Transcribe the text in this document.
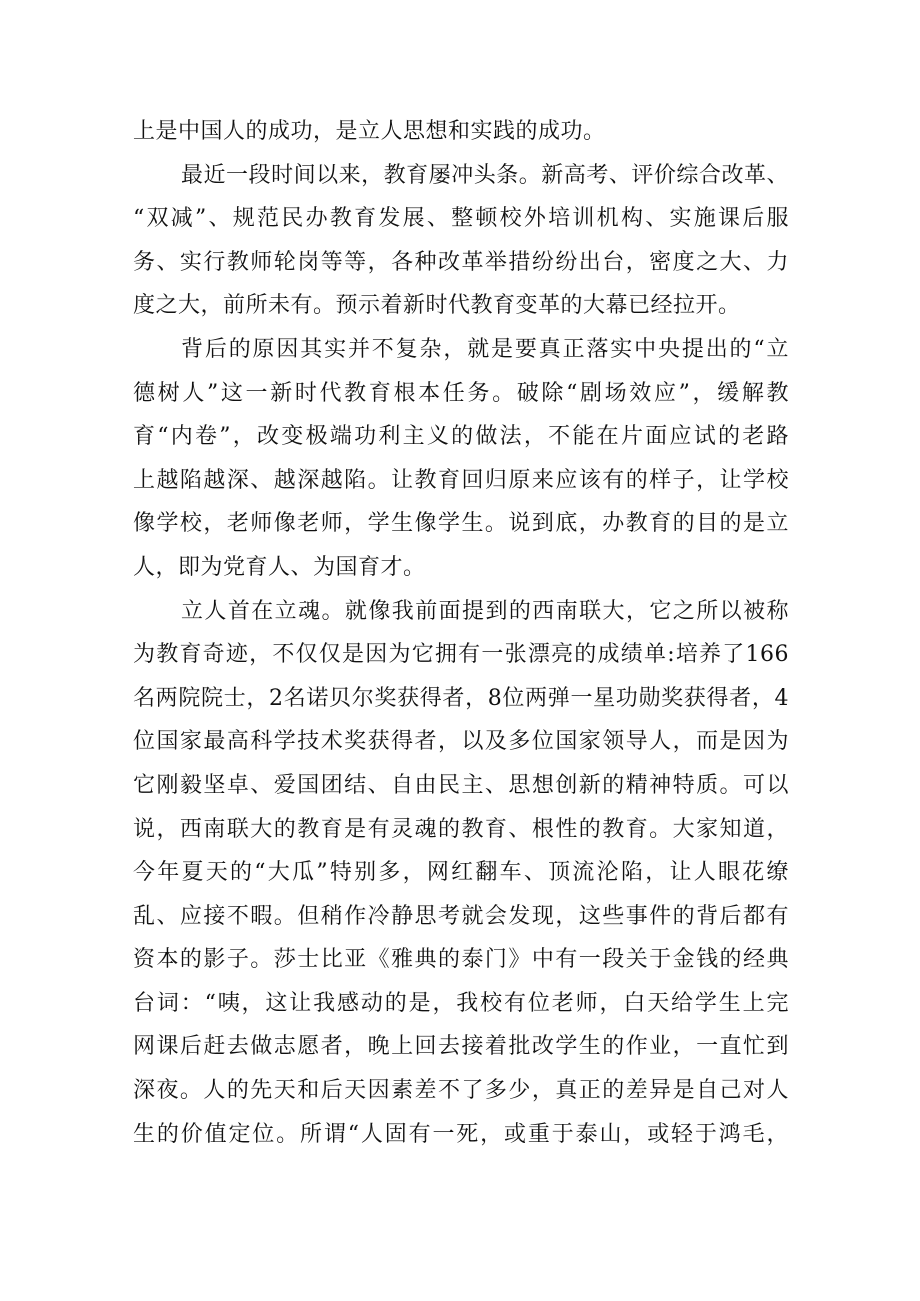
上是中国人的成功，是立人思想和实践的成功。
最近一段时间以来，教育屡冲头条。新高考、评价综合改革、
“双减”、规范民办教育发展、整顿校外培训机构、实施课后服
务、实行教师轮岗等等，各种改革举措纷纷出台，密度之大、力
度之大，前所未有。预示着新时代教育变革的大幕已经拉开。
背后的原因其实并不复杂，就是要真正落实中央提出的“立
德树人”这一新时代教育根本任务。破除“剧场效应”，缓解教
育“内卷”，改变极端功利主义的做法，不能在片面应试的老路
上越陷越深、越深越陷。让教育回归原来应该有的样子，让学校
像学校，老师像老师，学生像学生。说到底，办教育的目的是立
人，即为党育人、为国育才。
立人首在立魂。就像我前面提到的西南联大，它之所以被称
为教育奇迹，不仅仅是因为它拥有一张漂亮的成绩单:培养了166
名两院院士，2名诺贝尔奖获得者，8位两弹一星功勋奖获得者，4
位国家最高科学技术奖获得者，以及多位国家领导人，而是因为
它刚毅坚卓、爱国团结、自由民主、思想创新的精神特质。可以
说，西南联大的教育是有灵魂的教育、根性的教育。大家知道，
今年夏天的“大瓜”特别多，网红翻车、顶流沦陷，让人眼花缭
乱、应接不暇。但稍作冷静思考就会发现，这些事件的背后都有
资本的影子。莎士比亚《雅典的泰门》中有一段关于金钱的经典
台词：“咦，这让我感动的是，我校有位老师，白天给学生上完
网课后赶去做志愿者，晚上回去接着批改学生的作业，一直忙到
深夜。人的先天和后天因素差不了多少，真正的差异是自己对人
生的价值定位。所谓“人固有一死，或重于泰山，或轻于鸿毛，
